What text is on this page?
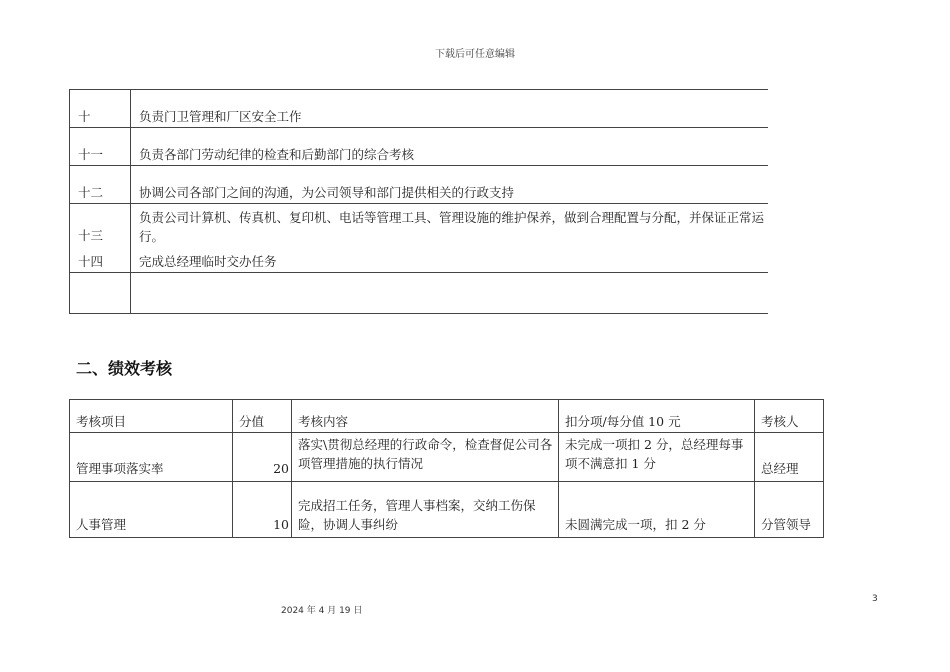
下载后可任意编辑
十	负责门卫管理和厂区安全工作
十一	负责各部门劳动纪律的检查和后勤部门的综合考核
十二	协调公司各部门之间的沟通，为公司领导和部门提供相关的行政支持
十三	负责公司计算机、传真机、复印机、电话等管理工具、管理设施的维护保养，做到合理配置与分配，并保证正常运行。
十四	完成总经理临时交办任务

二、绩效考核
考核项目	分值	考核内容	扣分项/每分值 10 元	考核人
管理事项落实率	20	落实\贯彻总经理的行政命令，检查督促公司各项管理措施的执行情况	未完成一项扣 2 分，总经理每事项不满意扣 1 分	总经理
人事管理	10	完成招工任务，管理人事档案，交纳工伤保险，协调人事纠纷	未圆满完成一项，扣 2 分	分管领导
3
2024 年 4 月 19 日
